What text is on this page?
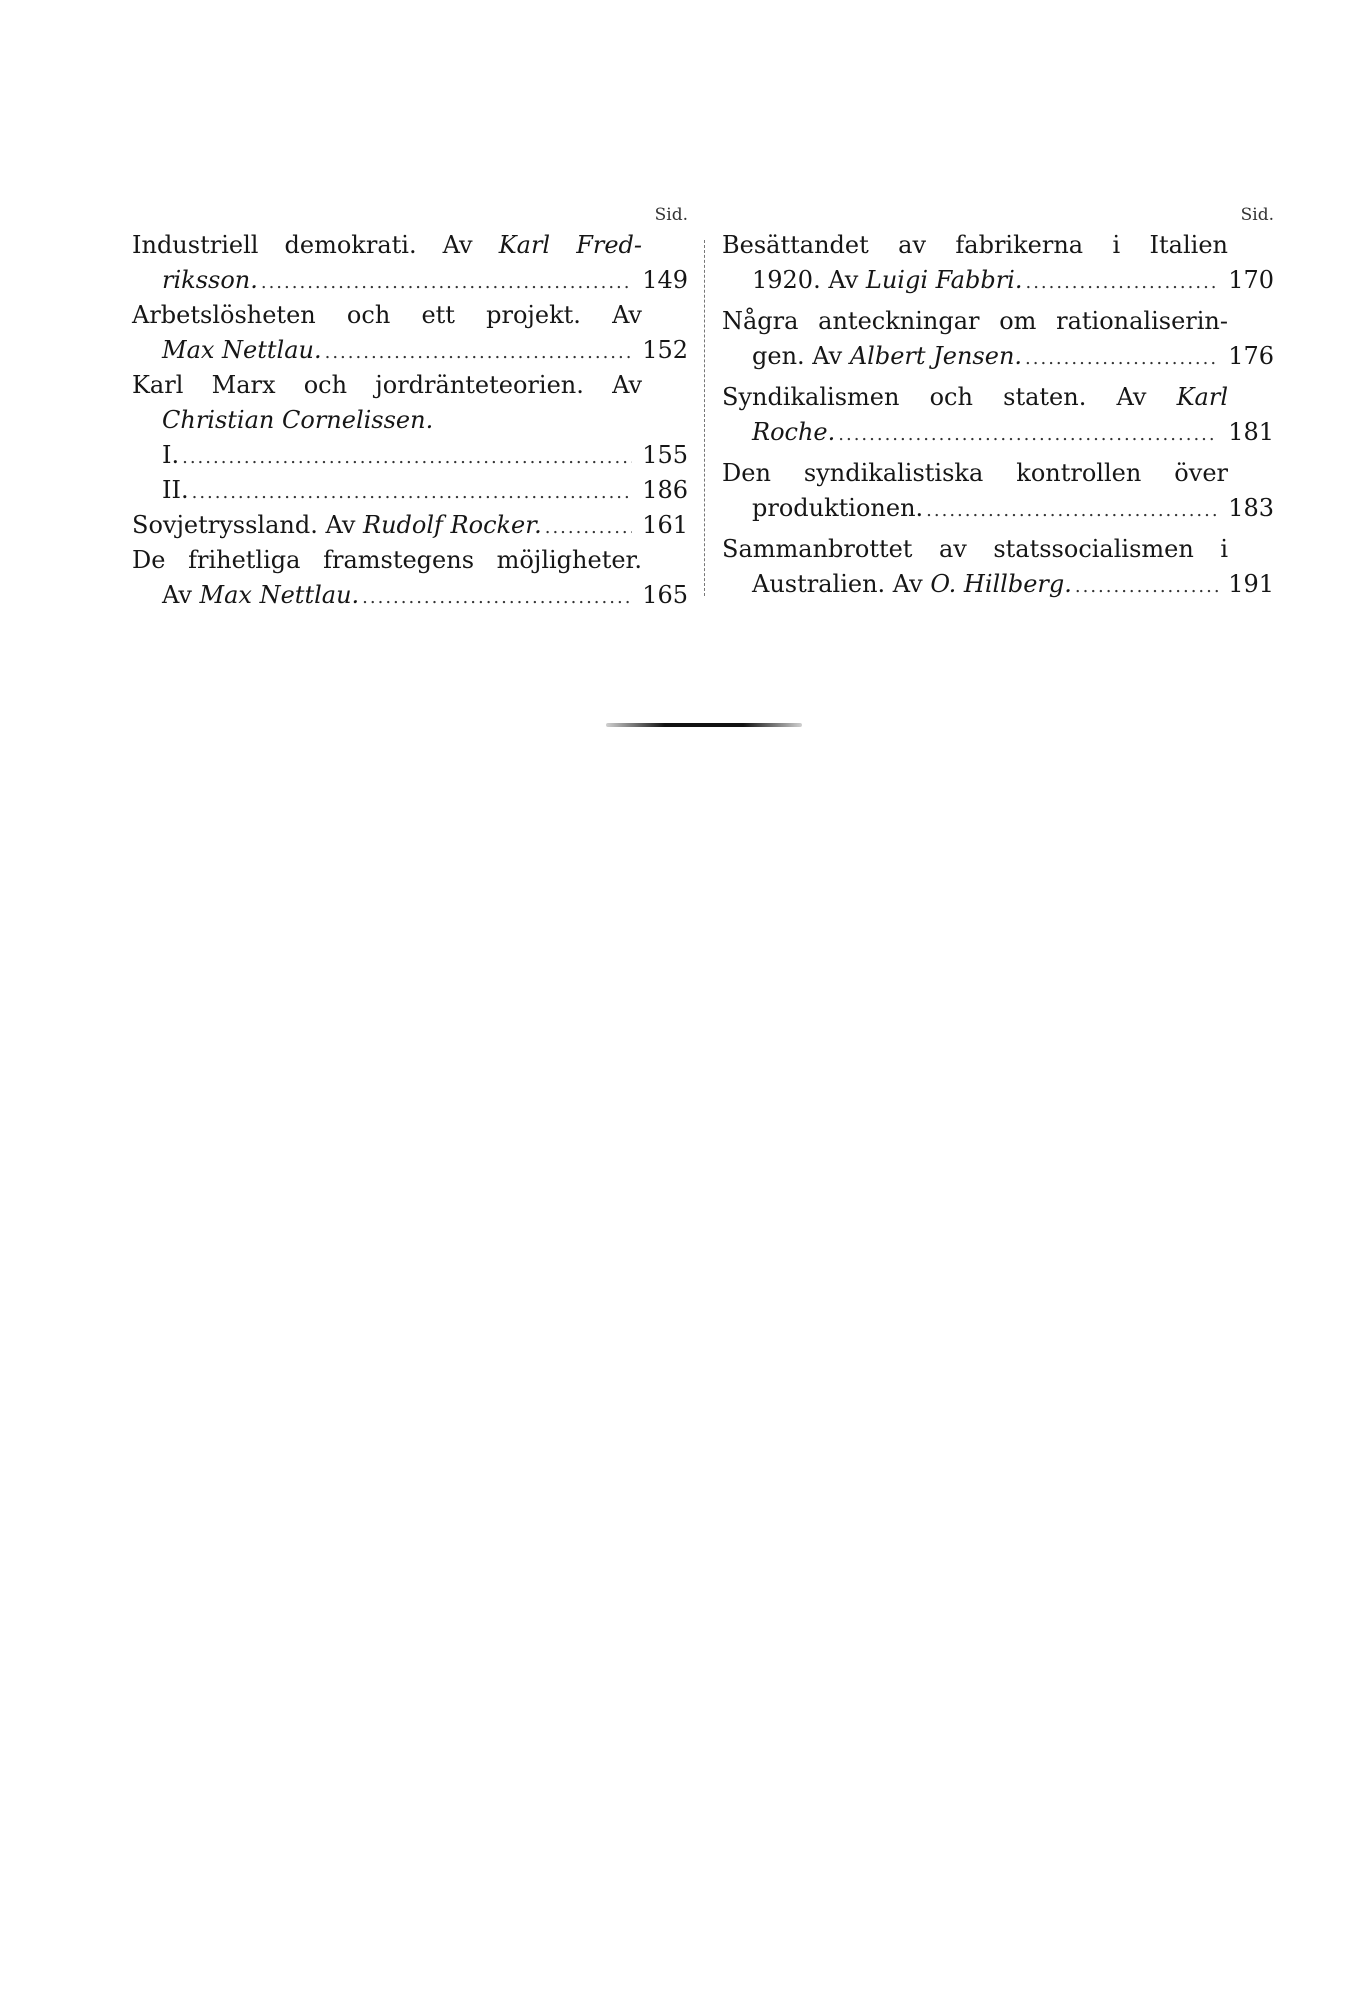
Sid.
Industriell demokrati. Av Karl Fred-
riksson. .....	149
Arbetslösheten och ett projekt. Av
Max Nettlau. .....	152
Karl Marx och jordränteteorien. Av
Christian Cornelissen.
I. .....	155
II. .....	186
Sovjetryssland. Av Rudolf Rocker. .....	161
De frihetliga framstegens möjligheter.
Av Max Nettlau. .....	165
Sid.
Besättandet av fabrikerna i Italien
1920. Av Luigi Fabbri. .....	170
Några anteckningar om rationaliserin-
gen. Av Albert Jensen. .....	176
Syndikalismen och staten. Av Karl
Roche. .....	181
Den syndikalistiska kontrollen över
produktionen. .....	183
Sammanbrottet av statssocialismen i
Australien. Av O. Hillberg. .....	191
